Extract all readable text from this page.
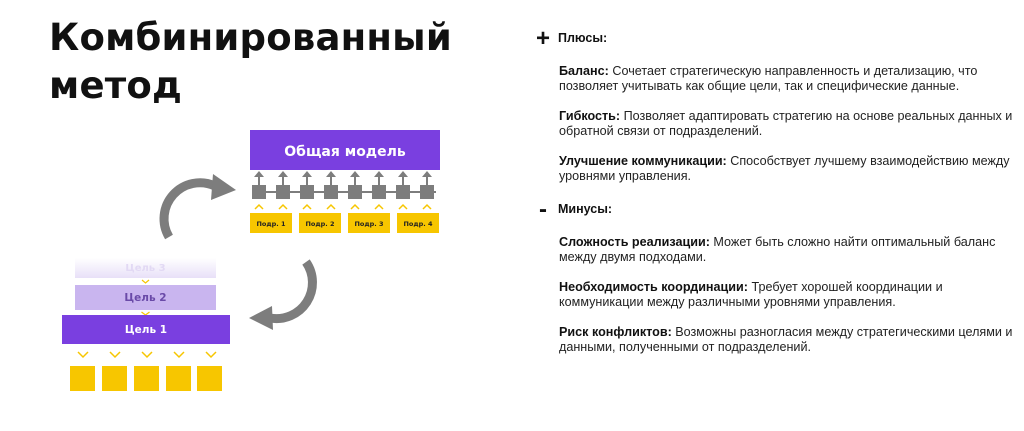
Комбинированный
метод
Общая модель
Подр. 1	Подр. 2	Подр. 3	Подр. 4
Цель 3
Цель 2
Цель 1
+ Плюсы:
Баланс: Сочетает стратегическую направленность и детализацию, что позволяет учитывать как общие цели, так и специфические данные.
Гибкость: Позволяет адаптировать стратегию на основе реальных данных и обратной связи от подразделений.
Улучшение коммуникации: Способствует лучшему взаимодействию между уровнями управления.
- Минусы:
Сложность реализации: Может быть сложно найти оптимальный баланс между двумя подходами.
Необходимость координации: Требует хорошей координации и коммуникации между различными уровнями управления.
Риск конфликтов: Возможны разногласия между стратегическими целями и данными, полученными от подразделений.
